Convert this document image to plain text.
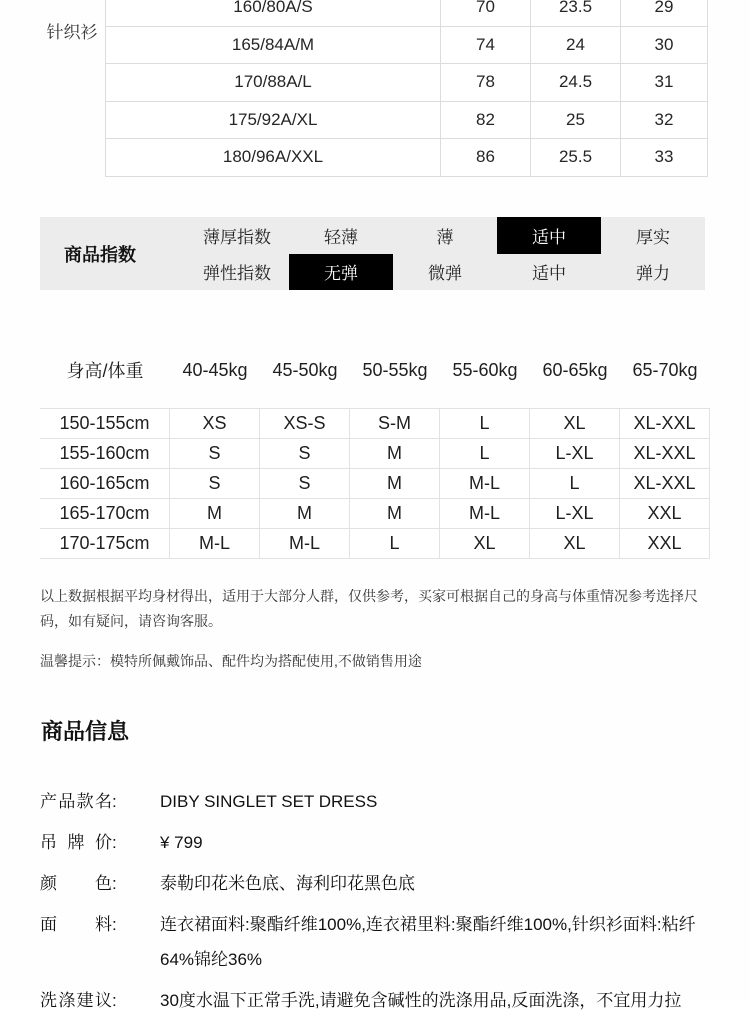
针织衫
160/80A/S	70	23.5	29
165/84A/M	74	24	30
170/88A/L	78	24.5	31
175/92A/XL	82	25	32
180/96A/XXL	86	25.5	33
商品指数
薄厚指数	轻薄	薄	适中	厚实
弹性指数	无弹	微弹	适中	弹力
身高/体重	40-45kg	45-50kg	50-55kg	55-60kg	60-65kg	65-70kg
150-155cm	XS	XS-S	S-M	L	XL	XL-XXL
155-160cm	S	S	M	L	L-XL	XL-XXL
160-165cm	S	S	M	M-L	L	XL-XXL
165-170cm	M	M	M	M-L	L-XL	XXL
170-175cm	M-L	M-L	L	XL	XL	XXL
以上数据根据平均身材得出，适用于大部分人群，仅供参考，买家可根据自己的身高与体重情况参考选择尺码，如有疑问，请咨询客服。
温馨提示：模特所佩戴饰品、配件均为搭配使用,不做销售用途
商品信息
产品款名:	DIBY SINGLET SET DRESS
吊牌价:	¥ 799
颜色:	泰勒印花米色底、海利印花黑色底
面料:	连衣裙面料:聚酯纤维100%,连衣裙里料:聚酯纤维100%,针织衫面料:粘纤64%锦纶36%
洗涤建议:	30度水温下正常手洗,请避免含碱性的洗涤用品,反面洗涤，不宜用力拉
